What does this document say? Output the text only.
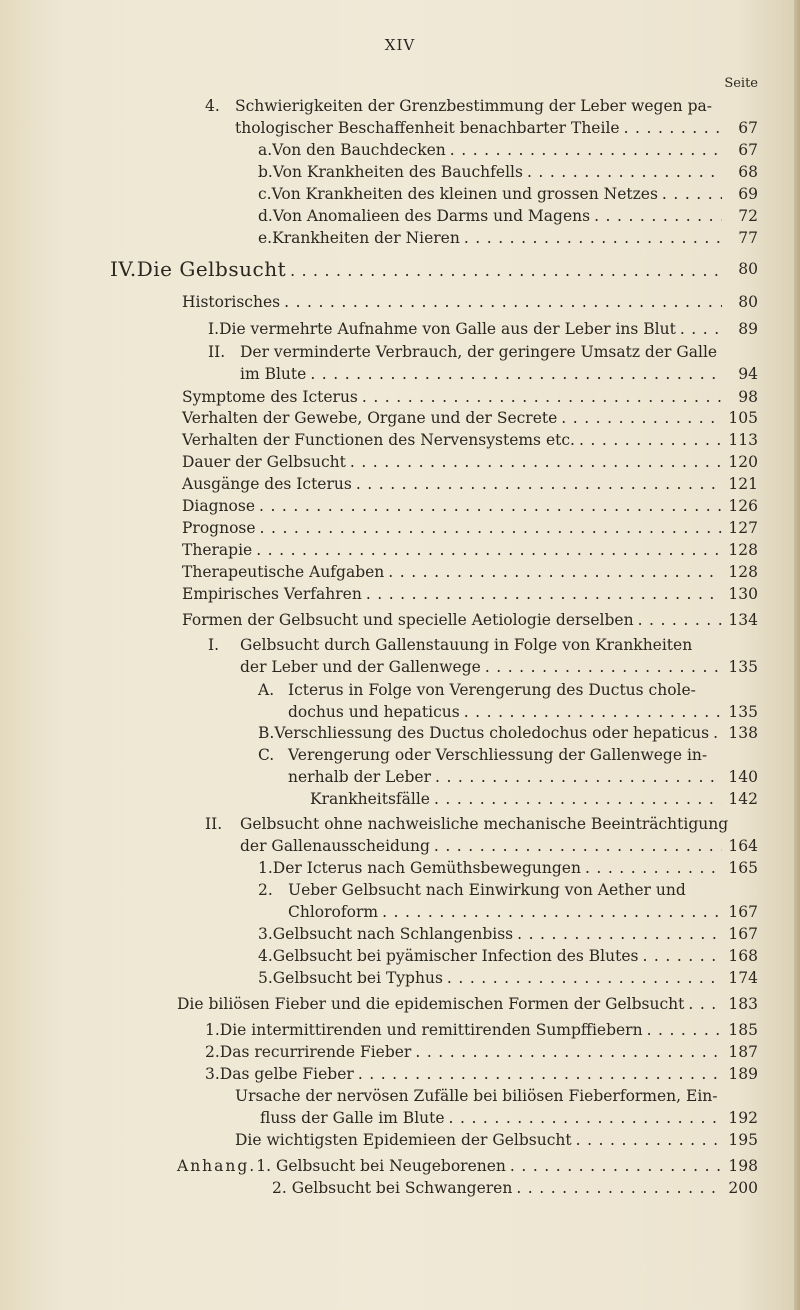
XIV
Seite
4. Schwierigkeiten der Grenzbestimmung der Leber wegen pa-
67
thologischer Beschaffenheit benachbarter Theile
. . .
67
a. Von den Bauchdecken
. . .
68
b. Von Krankheiten des Bauchfells
. . .
69
c. Von Krankheiten des kleinen und grossen Netzes
. . .
72
d. Von Anomalieen des Darms und Magens
. . .
77
e. Krankheiten der Nieren
. . .
80
IV. Die Gelbsucht
. . .
80
Historisches
. . .
89
I. Die vermehrte Aufnahme von Galle aus der Leber ins Blut
. . .
II. Der verminderte Verbrauch, der geringere Umsatz der Galle
94
im Blute
. . .
98
Symptome des Icterus
. . .
105
Verhalten der Gewebe, Organe und der Secrete
. . .
113
Verhalten der Functionen des Nervensystems etc.
. . .
120
Dauer der Gelbsucht
. . .
121
Ausgänge des Icterus
. . .
126
Diagnose
. . .
127
Prognose
. . .
128
Therapie
. . .
128
Therapeutische Aufgaben
. . .
130
Empirisches Verfahren
. . .
134
Formen der Gelbsucht und specielle Aetiologie derselben
. . .
I. Gelbsucht durch Gallenstauung in Folge von Krankheiten
135
der Leber und der Gallenwege
. . .
A. Icterus in Folge von Verengerung des Ductus chole-
135
dochus und hepaticus
. . .
138
B. Verschliessung des Ductus choledochus oder hepaticus
. . .
C. Verengerung oder Verschliessung der Gallenwege in-
140
nerhalb der Leber
. . .
142
Krankheitsfälle
. . .
II. Gelbsucht ohne nachweisliche mechanische Beeinträchtigung
164
der Gallenausscheidung
. . .
165
1. Der Icterus nach Gemüthsbewegungen
. . .
2. Ueber Gelbsucht nach Einwirkung von Aether und
167
Chloroform
. . .
167
3. Gelbsucht nach Schlangenbiss
. . .
168
4. Gelbsucht bei pyämischer Infection des Blutes
. . .
174
5. Gelbsucht bei Typhus
. . .
183
Die biliösen Fieber und die epidemischen Formen der Gelbsucht
. . .
185
1. Die intermittirenden und remittirenden Sumpffiebern
. . .
187
2. Das recurrirende Fieber
. . .
189
3. Das gelbe Fieber
. . .
Ursache der nervösen Zufälle bei biliösen Fieberformen, Ein-
192
fluss der Galle im Blute
. . .
195
Die wichtigsten Epidemieen der Gelbsucht
. . .
198
Anhang. 1. Gelbsucht bei Neugeborenen
. . .
200
2. Gelbsucht bei Schwangeren
. . .
